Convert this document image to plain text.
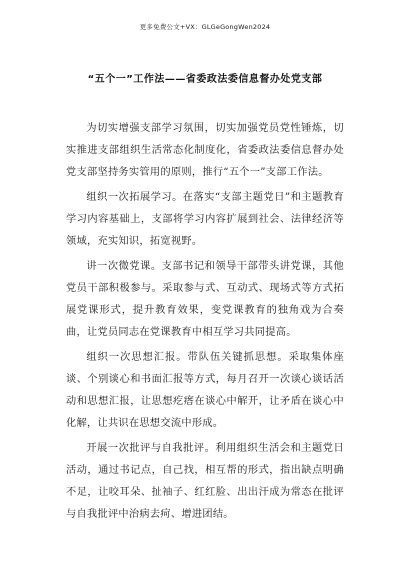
更多免费公文+VX：GLGeGongWen2024
“五个一”工作法——省委政法委信息督办处党支部

为切实增强支部学习氛围，切实加强党员党性锤炼，切实推进支部组织生活常态化制度化，省委政法委信息督办处党支部坚持务实管用的原则，推行“五个一”支部工作法。

组织一次拓展学习。在落实“支部主题党日”和主题教育学习内容基础上，支部将学习内容扩展到社会、法律经济等领域，充实知识，拓宽视野。

讲一次微党课。支部书记和领导干部带头讲党课，其他党员干部积极参与。采取参与式、互动式、现场式等方式拓展党课形式，提升教育效果，变党课教育的独角戏为合奏曲，让党员同志在党课教育中相互学习共同提高。

组织一次思想汇报。带队伍关键抓思想。采取集体座谈、个别谈心和书面汇报等方式，每月召开一次谈心谈话活动和思想汇报，让思想疙瘩在谈心中解开，让矛盾在谈心中化解，让共识在思想交流中形成。

开展一次批评与自我批评。利用组织生活会和主题党日活动，通过书记点，自己找，相互帮的形式，指出缺点明确不足，让咬耳朵、扯袖子、红红脸、出出汗成为常态在批评与自我批评中治病去疴、增进团结。
